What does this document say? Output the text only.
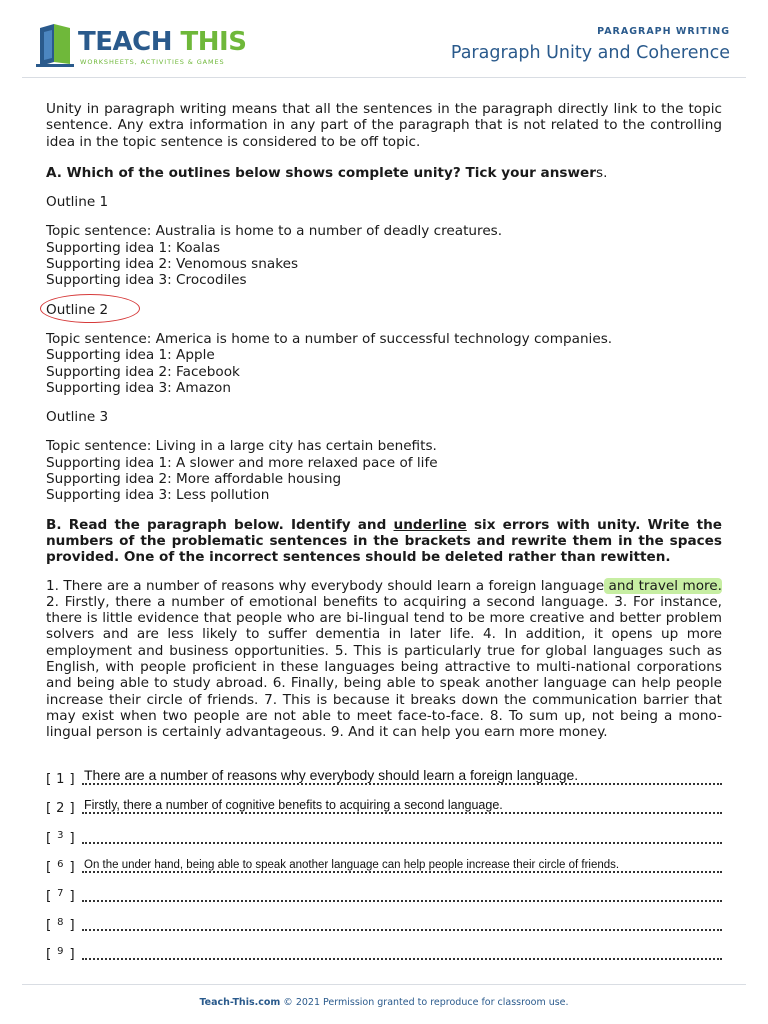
TEACH THIS
WORKSHEETS, ACTIVITIES & GAMES
PARAGRAPH WRITING
Paragraph Unity and Coherence

Unity in paragraph writing means that all the sentences in the paragraph directly link to the topic sentence. Any extra information in any part of the paragraph that is not related to the controlling idea in the topic sentence is considered to be off topic.

A. Which of the outlines below shows complete unity? Tick your answers.

Outline 1
Topic sentence: Australia is home to a number of deadly creatures.
Supporting idea 1: Koalas
Supporting idea 2: Venomous snakes
Supporting idea 3: Crocodiles
Outline 2
Topic sentence: America is home to a number of successful technology companies.
Supporting idea 1: Apple
Supporting idea 2: Facebook
Supporting idea 3: Amazon
Outline 3
Topic sentence: Living in a large city has certain benefits.
Supporting idea 1: A slower and more relaxed pace of life
Supporting idea 2: More affordable housing
Supporting idea 3: Less pollution

B. Read the paragraph below. Identify and underline six errors with unity. Write the numbers of the problematic sentences in the brackets and rewrite them in the spaces provided. One of the incorrect sentences should be deleted rather than rewitten.

1. There are a number of reasons why everybody should learn a foreign language and travel more. 2. Firstly, there a number of emotional benefits to acquiring a second language. 3. For instance, there is little evidence that people who are bi-lingual tend to be more creative and better problem solvers and are less likely to suffer dementia in later life. 4. In addition, it opens up more employment and business opportunities. 5. This is particularly true for global languages such as English, with people proficient in these languages being attractive to multi-national corporations and being able to study abroad. 6. Finally, being able to speak another language can help people increase their circle of friends. 7. This is because it breaks down the communication barrier that may exist when two people are not able to meet face-to-face. 8. To sum up, not being a mono-lingual person is certainly advantageous. 9. And it can help you earn more money.

[ 1 ] There are a number of reasons why everybody should learn a foreign language.
[ 2 ] Firstly, there a number of cognitive benefits to acquiring a second language.
[ 3 ]
[ 6 ] On the under hand, being able to speak another language can help people increase their circle of friends.
[ 7 ]
[ 8 ]
[ 9 ]
Teach-This.com © 2021 Permission granted to reproduce for classroom use.
